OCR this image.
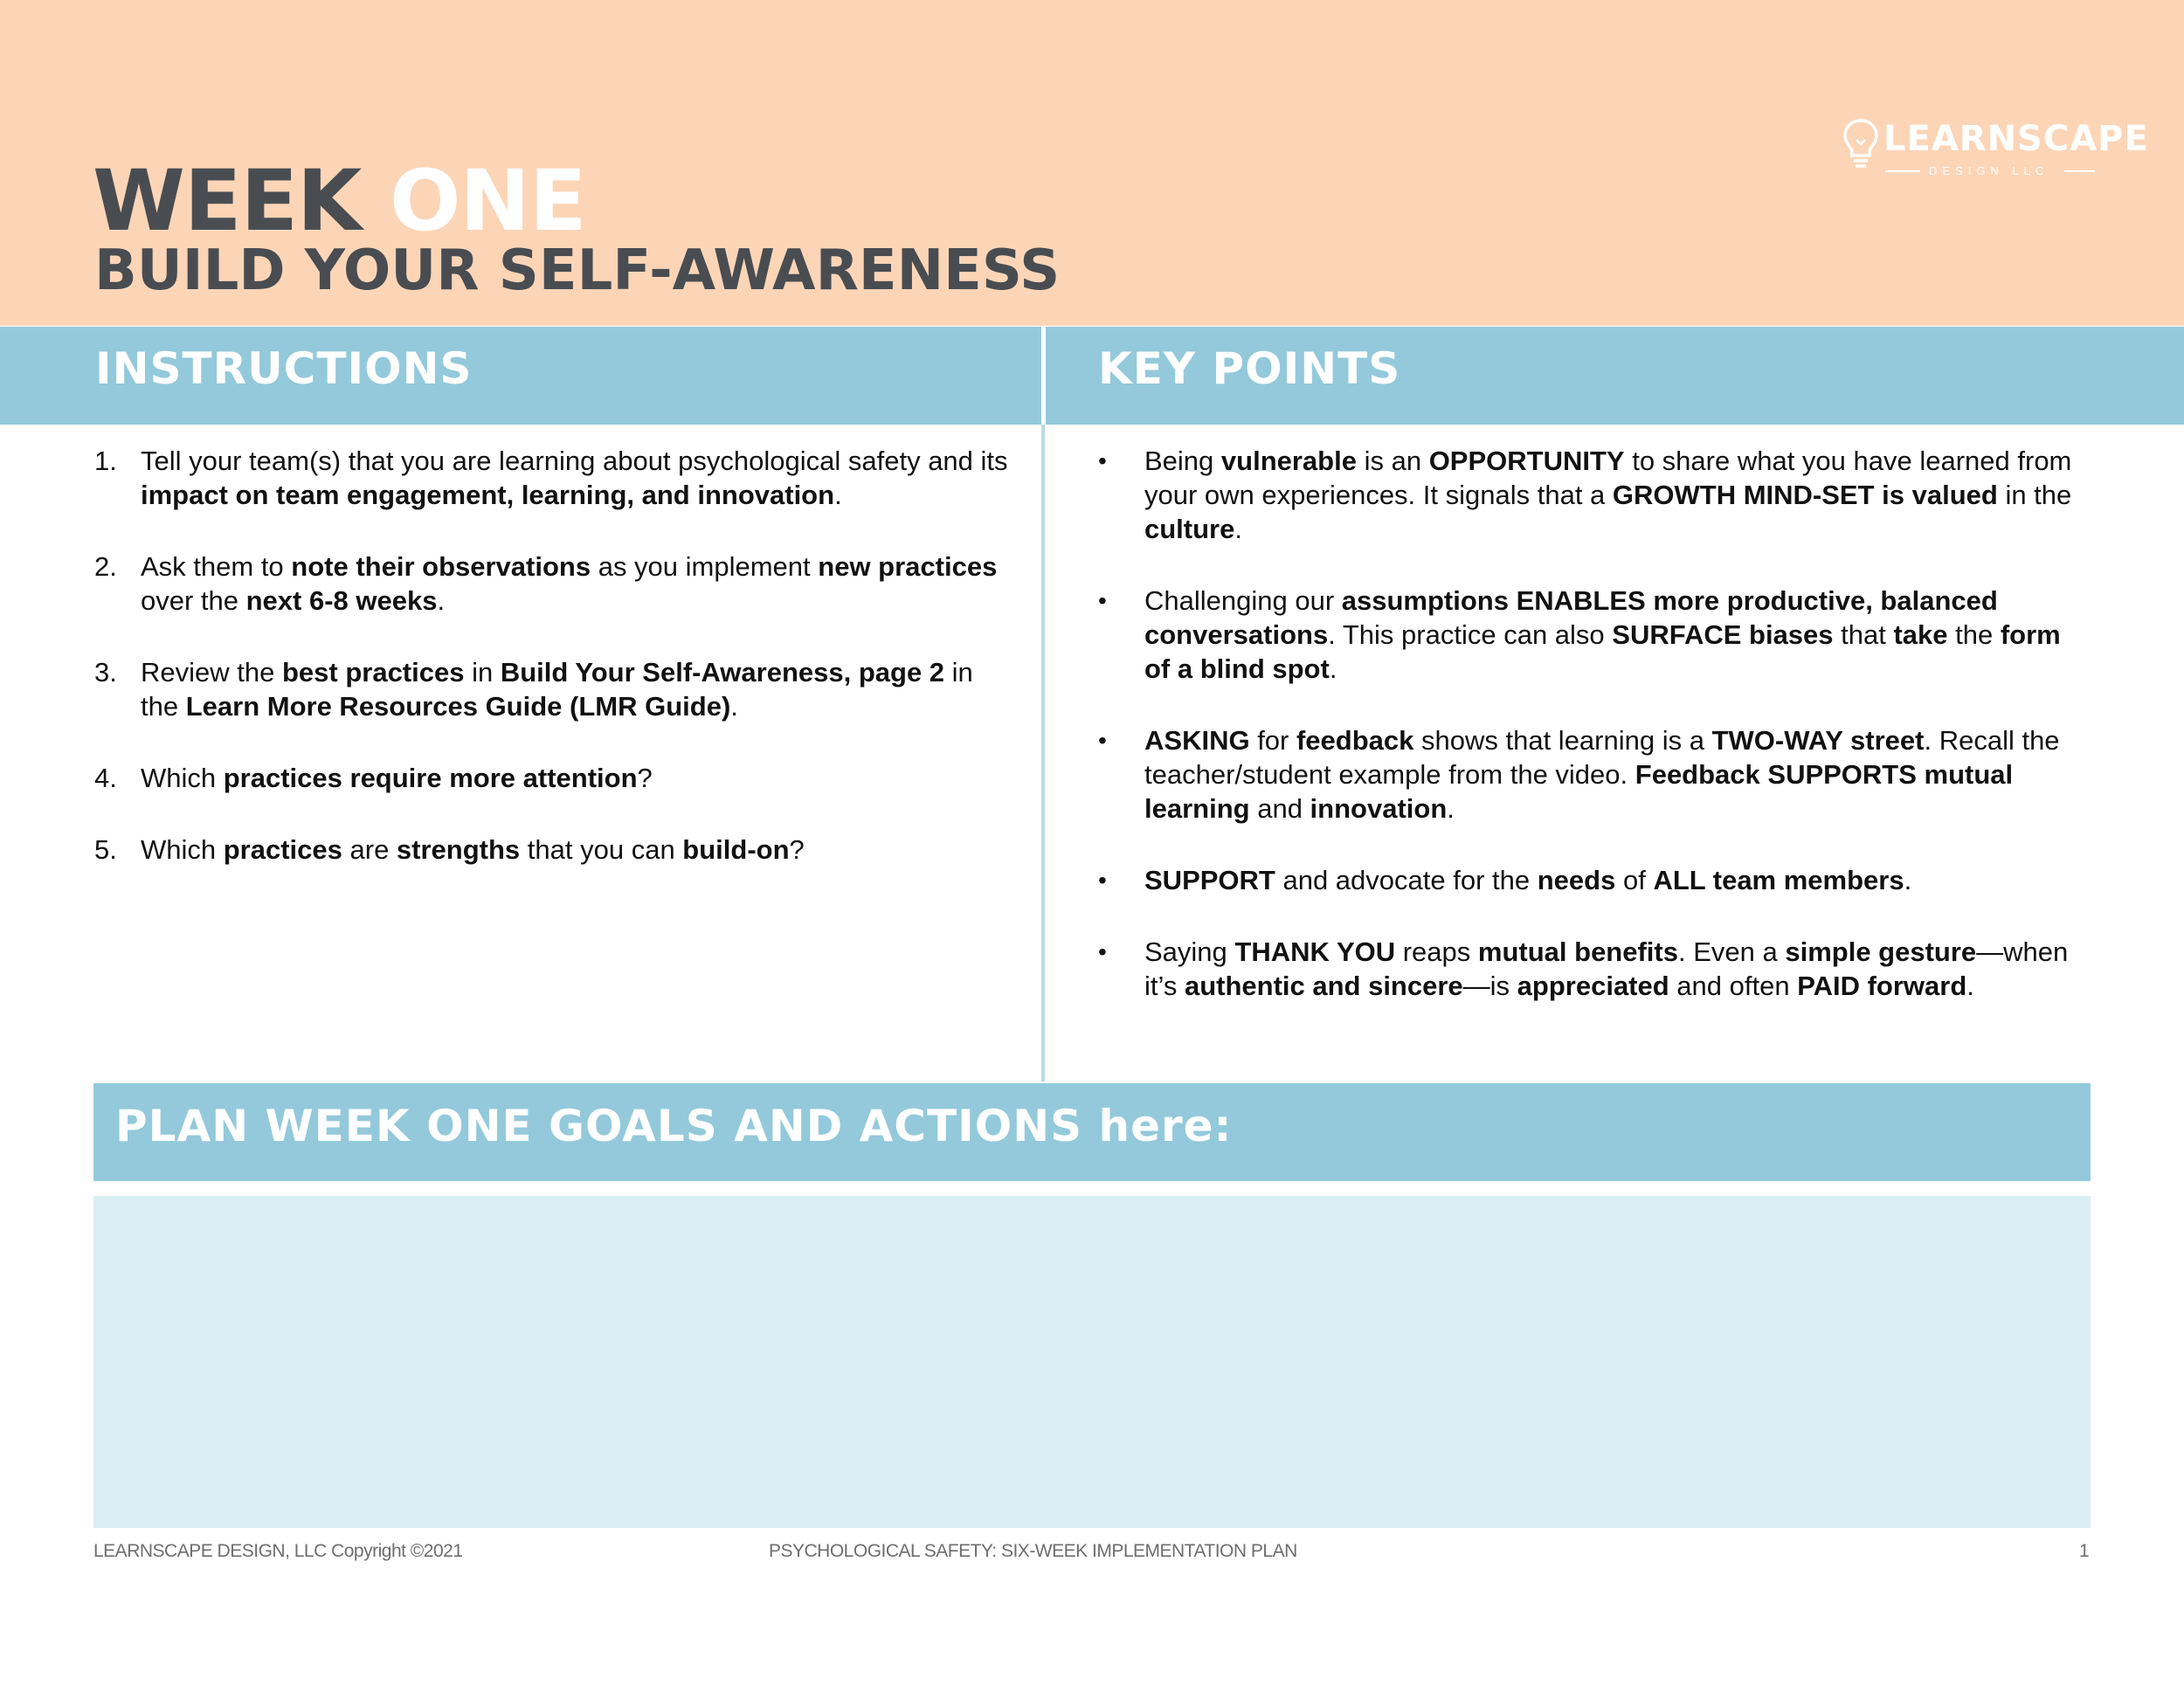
LEARNSCAPE
DESIGN LLC
WEEK ONE
BUILD YOUR SELF-AWARENESS
INSTRUCTIONS	KEY POINTS
1. Tell your team(s) that you are learning about psychological safety and its impact on team engagement, learning, and innovation.
2. Ask them to note their observations as you implement new practices over the next 6-8 weeks.
3. Review the best practices in Build Your Self-Awareness, page 2 in the Learn More Resources Guide (LMR Guide).
4. Which practices require more attention?
5. Which practices are strengths that you can build-on?
• Being vulnerable is an OPPORTUNITY to share what you have learned from your own experiences. It signals that a GROWTH MIND-SET is valued in the culture.
• Challenging our assumptions ENABLES more productive, balanced conversations. This practice can also SURFACE biases that take the form of a blind spot.
• ASKING for feedback shows that learning is a TWO-WAY street. Recall the teacher/student example from the video. Feedback SUPPORTS mutual learning and innovation.
• SUPPORT and advocate for the needs of ALL team members.
• Saying THANK YOU reaps mutual benefits. Even a simple gesture—when it’s authentic and sincere—is appreciated and often PAID forward.
PLAN WEEK ONE GOALS AND ACTIONS here:
LEARNSCAPE DESIGN, LLC Copyright ©2021	PSYCHOLOGICAL SAFETY: SIX-WEEK IMPLEMENTATION PLAN	1
